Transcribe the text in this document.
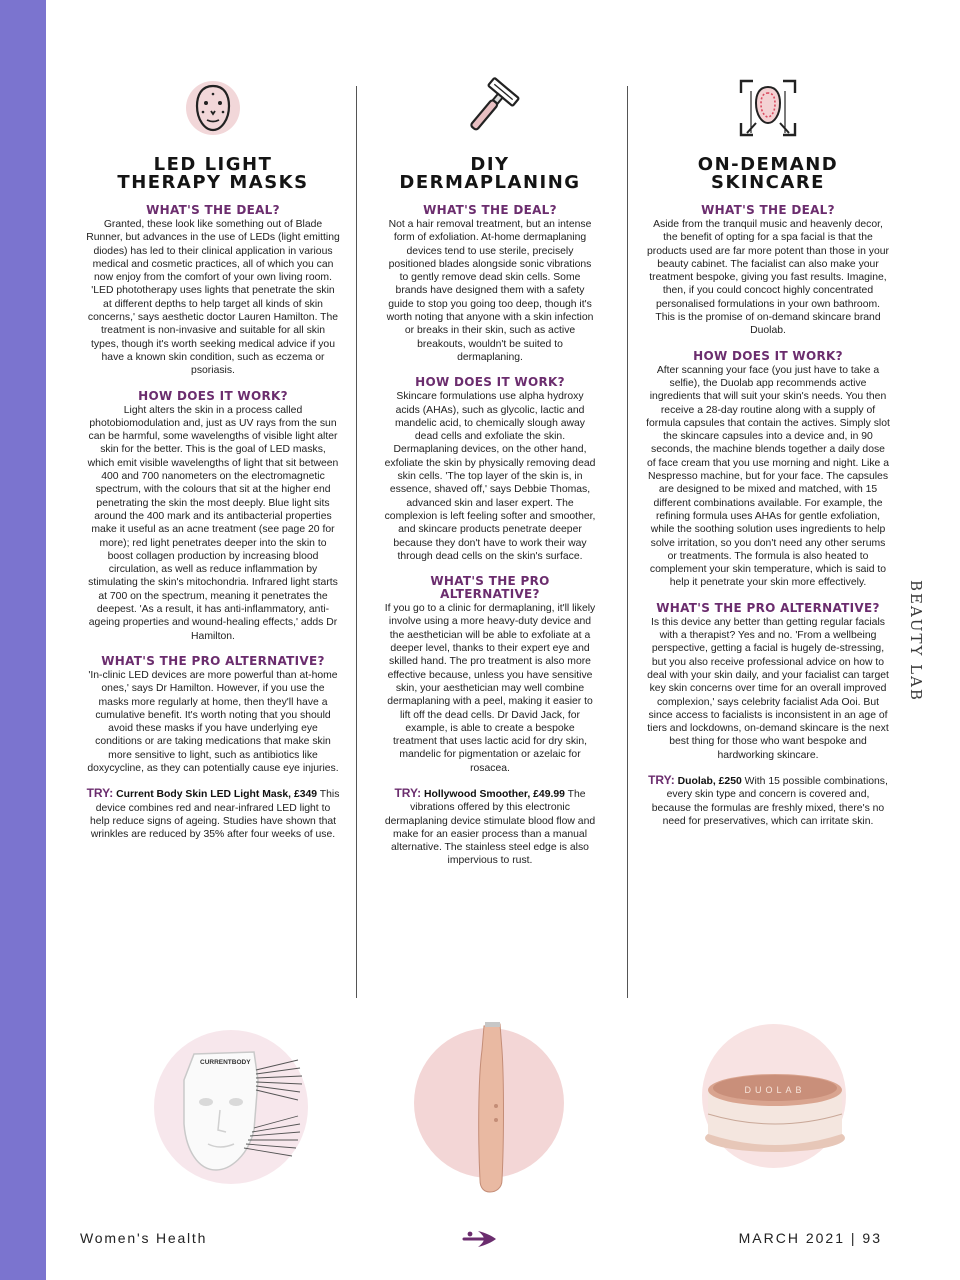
LED LIGHT
THERAPY MASKS
WHAT'S THE DEAL?
Granted, these look like something out of Blade Runner, but advances in the use of LEDs (light emitting diodes) has led to their clinical application in various medical and cosmetic practices, all of which you can now enjoy from the comfort of your own living room. 'LED phototherapy uses lights that penetrate the skin at different depths to help target all kinds of skin concerns,' says aesthetic doctor Lauren Hamilton. The treatment is non-invasive and suitable for all skin types, though it's worth seeking medical advice if you have a known skin condition, such as eczema or psoriasis.
HOW DOES IT WORK?
Light alters the skin in a process called photobiomodulation and, just as UV rays from the sun can be harmful, some wavelengths of visible light alter skin for the better. This is the goal of LED masks, which emit visible wavelengths of light that sit between 400 and 700 nanometers on the electromagnetic spectrum, with the colours that sit at the higher end penetrating the skin the most deeply. Blue light sits around the 400 mark and its antibacterial properties make it useful as an acne treatment (see page 20 for more); red light penetrates deeper into the skin to boost collagen production by increasing blood circulation, as well as reduce inflammation by stimulating the skin's mitochondria. Infrared light starts at 700 on the spectrum, meaning it penetrates the deepest. 'As a result, it has anti-inflammatory, anti-ageing properties and wound-healing effects,' adds Dr Hamilton.
WHAT'S THE PRO ALTERNATIVE?
'In-clinic LED devices are more powerful than at-home ones,' says Dr Hamilton. However, if you use the masks more regularly at home, then they'll have a cumulative benefit. It's worth noting that you should avoid these masks if you have underlying eye conditions or are taking medications that make skin more sensitive to light, such as antibiotics like doxycycline, as they can potentially cause eye injuries.
TRY: Current Body Skin LED Light Mask, £349 This device combines red and near-infrared LED light to help reduce signs of ageing. Studies have shown that wrinkles are reduced by 35% after four weeks of use.
DIY
DERMAPLANING
WHAT'S THE DEAL?
Not a hair removal treatment, but an intense form of exfoliation. At-home dermaplaning devices tend to use sterile, precisely positioned blades alongside sonic vibrations to gently remove dead skin cells. Some brands have designed them with a safety guide to stop you going too deep, though it's worth noting that anyone with a skin infection or breaks in their skin, such as active breakouts, wouldn't be suited to dermaplaning.
HOW DOES IT WORK?
Skincare formulations use alpha hydroxy acids (AHAs), such as glycolic, lactic and mandelic acid, to chemically slough away dead cells and exfoliate the skin. Dermaplaning devices, on the other hand, exfoliate the skin by physically removing dead skin cells. 'The top layer of the skin is, in essence, shaved off,' says Debbie Thomas, advanced skin and laser expert. The complexion is left feeling softer and smoother, and skincare products penetrate deeper because they don't have to work their way through dead cells on the skin's surface.
WHAT'S THE PRO
ALTERNATIVE?
If you go to a clinic for dermaplaning, it'll likely involve using a more heavy-duty device and the aesthetician will be able to exfoliate at a deeper level, thanks to their expert eye and skilled hand. The pro treatment is also more effective because, unless you have sensitive skin, your aesthetician may well combine dermaplaning with a peel, making it easier to lift off the dead cells. Dr David Jack, for example, is able to create a bespoke treatment that uses lactic acid for dry skin, mandelic for pigmentation or azelaic for rosacea.
TRY: Hollywood Smoother, £49.99 The vibrations offered by this electronic dermaplaning device stimulate blood flow and make for an easier process than a manual alternative. The stainless steel edge is also impervious to rust.
ON-DEMAND
SKINCARE
WHAT'S THE DEAL?
Aside from the tranquil music and heavenly decor, the benefit of opting for a spa facial is that the products used are far more potent than those in your beauty cabinet. The facialist can also make your treatment bespoke, giving you fast results. Imagine, then, if you could concoct highly concentrated personalised formulations in your own bathroom. This is the promise of on-demand skincare brand Duolab.
HOW DOES IT WORK?
After scanning your face (you just have to take a selfie), the Duolab app recommends active ingredients that will suit your skin's needs. You then receive a 28-day routine along with a supply of formula capsules that contain the actives. Simply slot the skincare capsules into a device and, in 90 seconds, the machine blends together a daily dose of face cream that you use morning and night. Like a Nespresso machine, but for your face. The capsules are designed to be mixed and matched, with 15 different combinations available. For example, the refining formula uses AHAs for gentle exfoliation, while the soothing solution uses ingredients to help solve irritation, so you don't need any other serums or treatments. The formula is also heated to complement your skin temperature, which is said to help it penetrate your skin more effectively.
WHAT'S THE PRO ALTERNATIVE?
Is this device any better than getting regular facials with a therapist? Yes and no. 'From a wellbeing perspective, getting a facial is hugely de-stressing, but you also receive professional advice on how to deal with your skin daily, and your facialist can target key skin concerns over time for an overall improved complexion,' says celebrity facialist Ada Ooi. But since access to facialists is inconsistent in an age of tiers and lockdowns, on-demand skincare is the next best thing for those who want bespoke and hardworking skincare.
TRY: Duolab, £250 With 15 possible combinations, every skin type and concern is covered and, because the formulas are freshly mixed, there's no need for preservatives, which can irritate skin.
CURRENTBODY
DUOLAB
BEAUTY LAB
Women's Health	MARCH 2021 | 93
